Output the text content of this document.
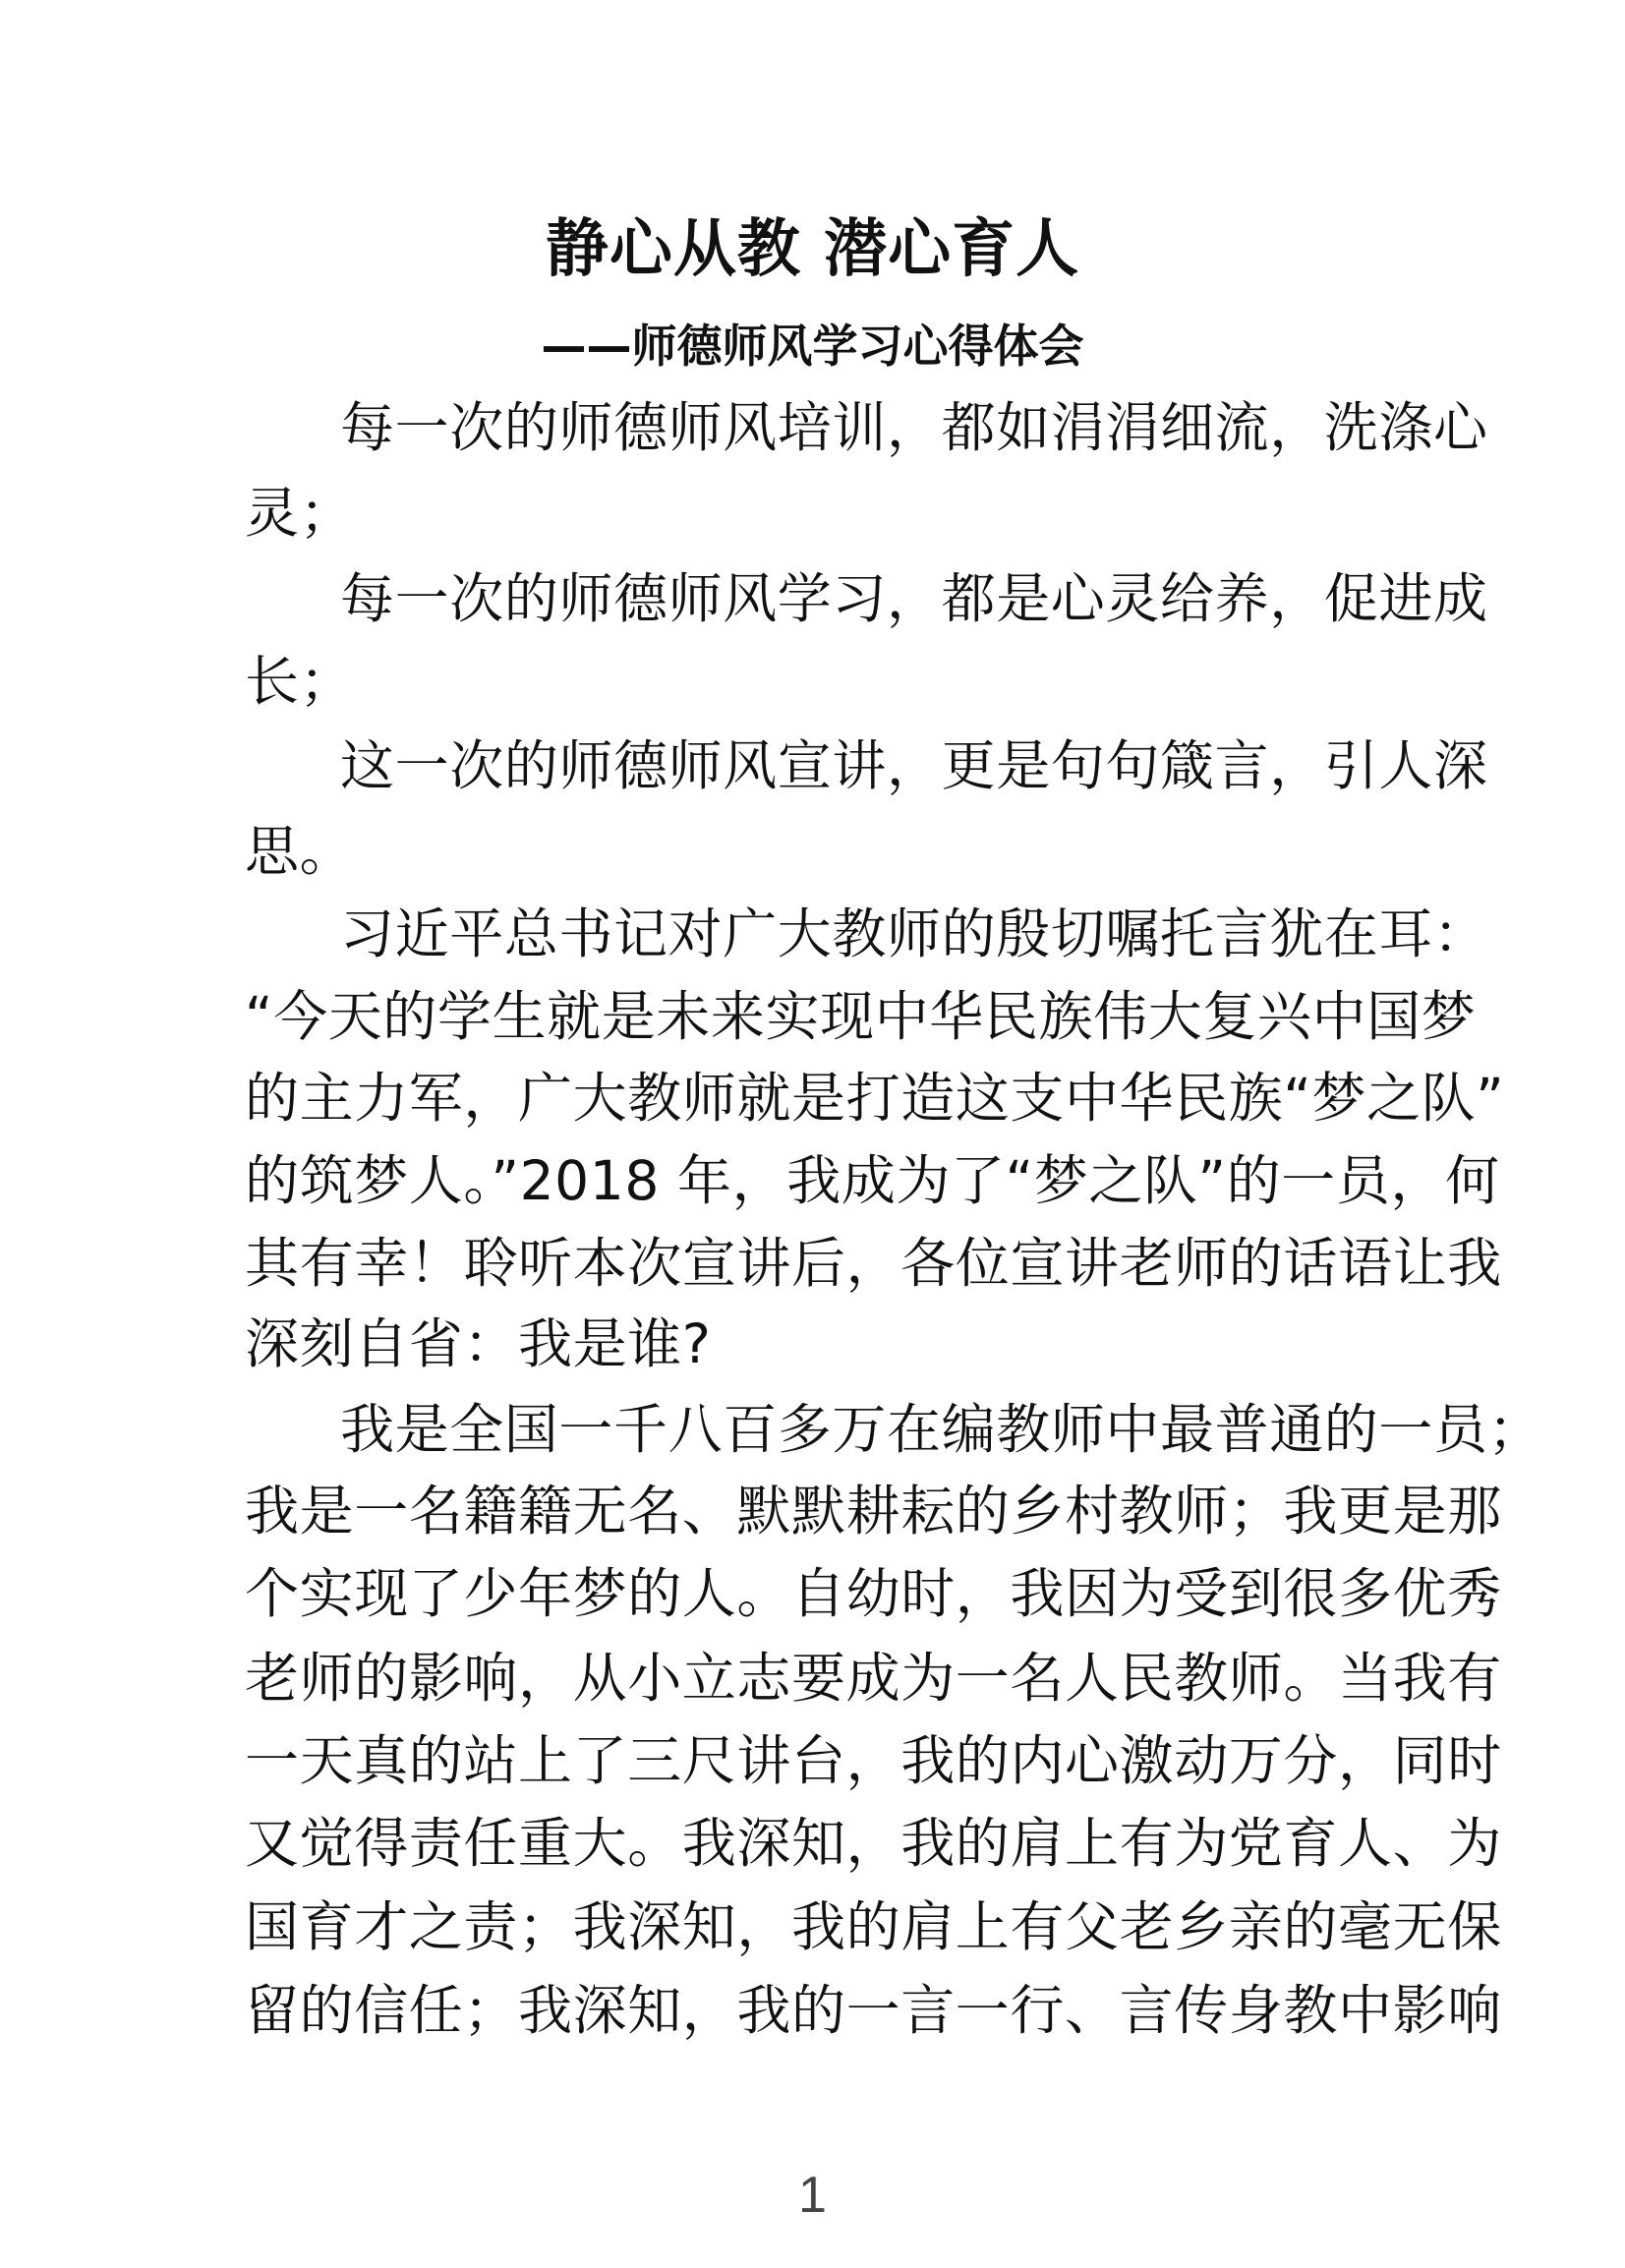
静心从教 潜心育人
——师德师风学习心得体会
每一次的师德师风培训，都如涓涓细流，洗涤心
灵；
每一次的师德师风学习，都是心灵给养，促进成
长；
这一次的师德师风宣讲，更是句句箴言，引人深
思。
习近平总书记对广大教师的殷切嘱托言犹在耳：
“今天的学生就是未来实现中华民族伟大复兴中国梦
的主力军，广大教师就是打造这支中华民族“梦之队”
的筑梦人。”2018 年，我成为了“梦之队”的一员，何
其有幸！聆听本次宣讲后，各位宣讲老师的话语让我
深刻自省：我是谁?
我是全国一千八百多万在编教师中最普通的一员；
我是一名籍籍无名、默默耕耘的乡村教师；我更是那
个实现了少年梦的人。自幼时，我因为受到很多优秀
老师的影响，从小立志要成为一名人民教师。当我有
一天真的站上了三尺讲台，我的内心激动万分，同时
又觉得责任重大。我深知，我的肩上有为党育人、为
国育才之责；我深知，我的肩上有父老乡亲的毫无保
留的信任；我深知，我的一言一行、言传身教中影响
1
